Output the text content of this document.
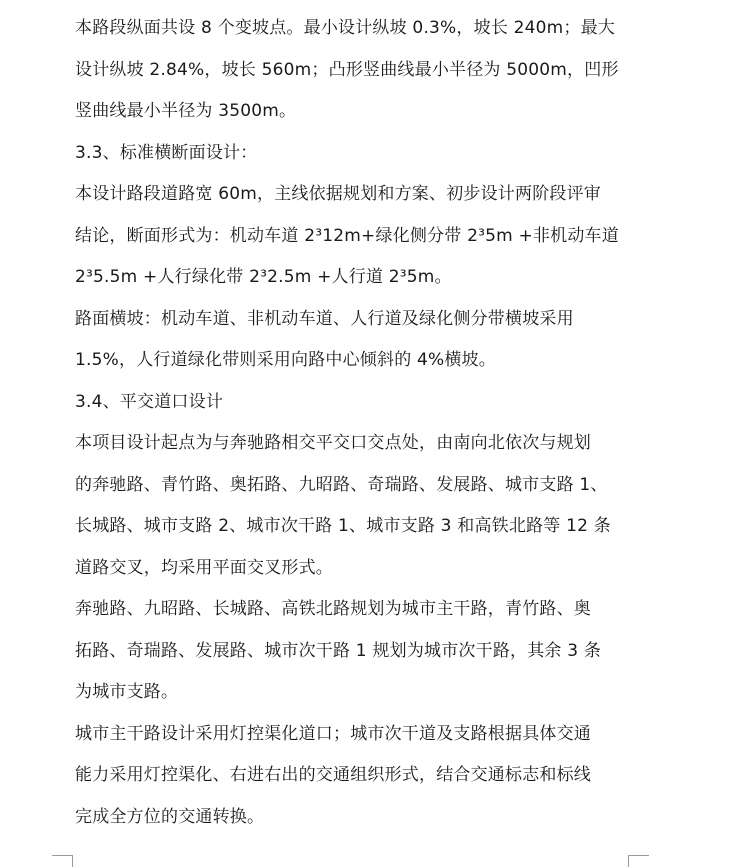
本路段纵面共设 8 个变坡点。最小设计纵坡 0.3%，坡长 240m；最大
设计纵坡 2.84%，坡长 560m；凸形竖曲线最小半径为 5000m，凹形
竖曲线最小半径为 3500m。

3.3、标准横断面设计：

本设计路段道路宽 60m，主线依据规划和方案、初步设计两阶段评审
结论，断面形式为：机动车道 2³12m+绿化侧分带 2³5m +非机动车道
2³5.5m +人行绿化带 2³2.5m +人行道 2³5m。

路面横坡：机动车道、非机动车道、人行道及绿化侧分带横坡采用
1.5%，人行道绿化带则采用向路中心倾斜的 4%横坡。

3.4、平交道口设计

本项目设计起点为与奔驰路相交平交口交点处，由南向北依次与规划
的奔驰路、青竹路、奥拓路、九昭路、奇瑞路、发展路、城市支路 1、
长城路、城市支路 2、城市次干路 1、城市支路 3 和高铁北路等 12 条
道路交叉，均采用平面交叉形式。

奔驰路、九昭路、长城路、高铁北路规划为城市主干路，青竹路、奥
拓路、奇瑞路、发展路、城市次干路 1 规划为城市次干路，其余 3 条
为城市支路。

城市主干路设计采用灯控渠化道口；城市次干道及支路根据具体交通
能力采用灯控渠化、右进右出的交通组织形式，结合交通标志和标线
完成全方位的交通转换。
